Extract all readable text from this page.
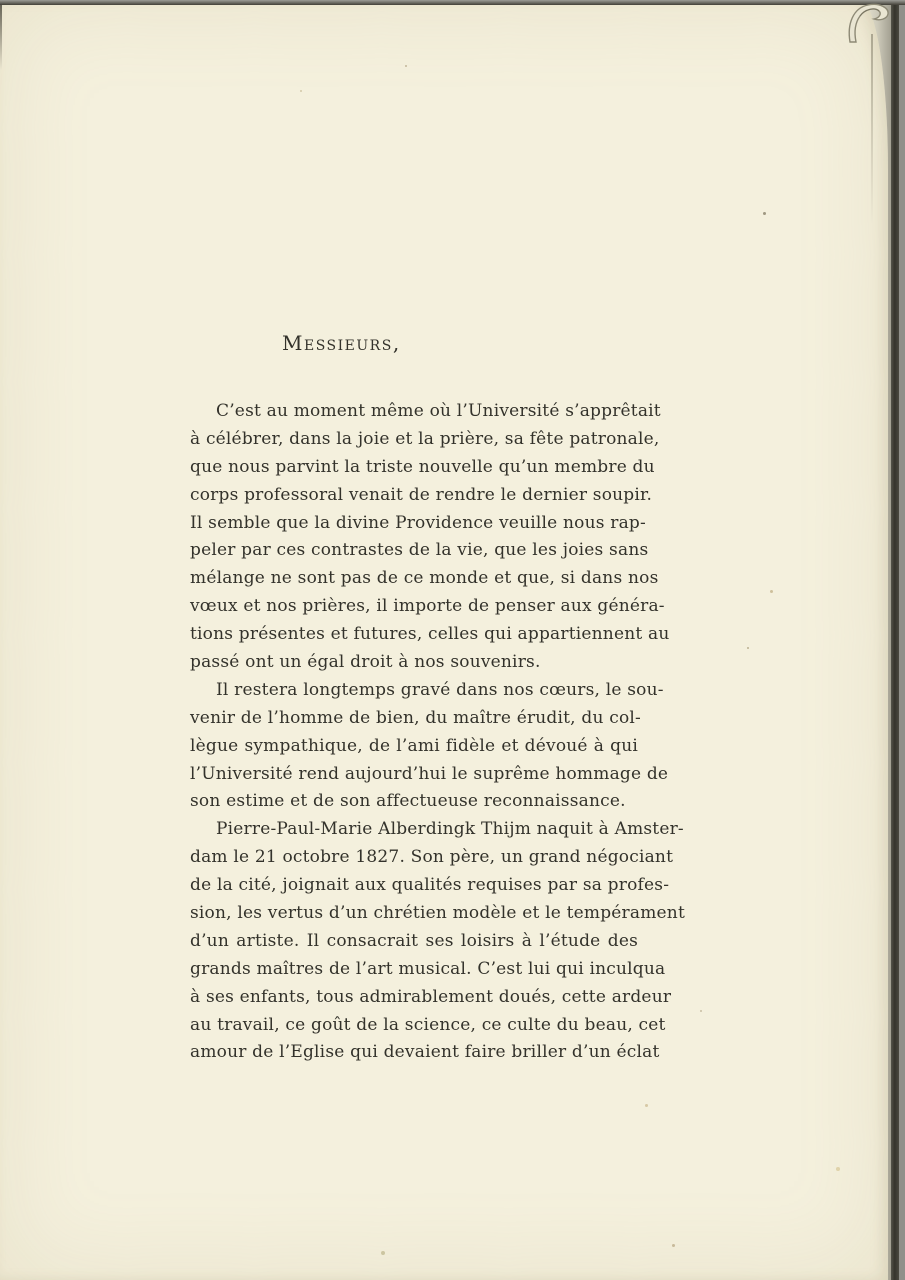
Messieurs,

C’est au moment même où l’Université s’apprêtait
à célébrer, dans la joie et la prière, sa fête patronale,
que nous parvint la triste nouvelle qu’un membre du
corps professoral venait de rendre le dernier soupir.
Il semble que la divine Providence veuille nous rap-
peler par ces contrastes de la vie, que les joies sans
mélange ne sont pas de ce monde et que, si dans nos
vœux et nos prières, il importe de penser aux généra-
tions présentes et futures, celles qui appartiennent au
passé ont un égal droit à nos souvenirs.
Il restera longtemps gravé dans nos cœurs, le sou-
venir de l’homme de bien, du maître érudit, du col-
lègue sympathique, de l’ami fidèle et dévoué à qui
l’Université rend aujourd’hui le suprême hommage de
son estime et de son affectueuse reconnaissance.
Pierre-Paul-Marie Alberdingk Thijm naquit à Amster-
dam le 21 octobre 1827. Son père, un grand négociant
de la cité, joignait aux qualités requises par sa profes-
sion, les vertus d’un chrétien modèle et le tempérament
d’un artiste. Il consacrait ses loisirs à l’étude des
grands maîtres de l’art musical. C’est lui qui inculqua
à ses enfants, tous admirablement doués, cette ardeur
au travail, ce goût de la science, ce culte du beau, cet
amour de l’Eglise qui devaient faire briller d’un éclat
